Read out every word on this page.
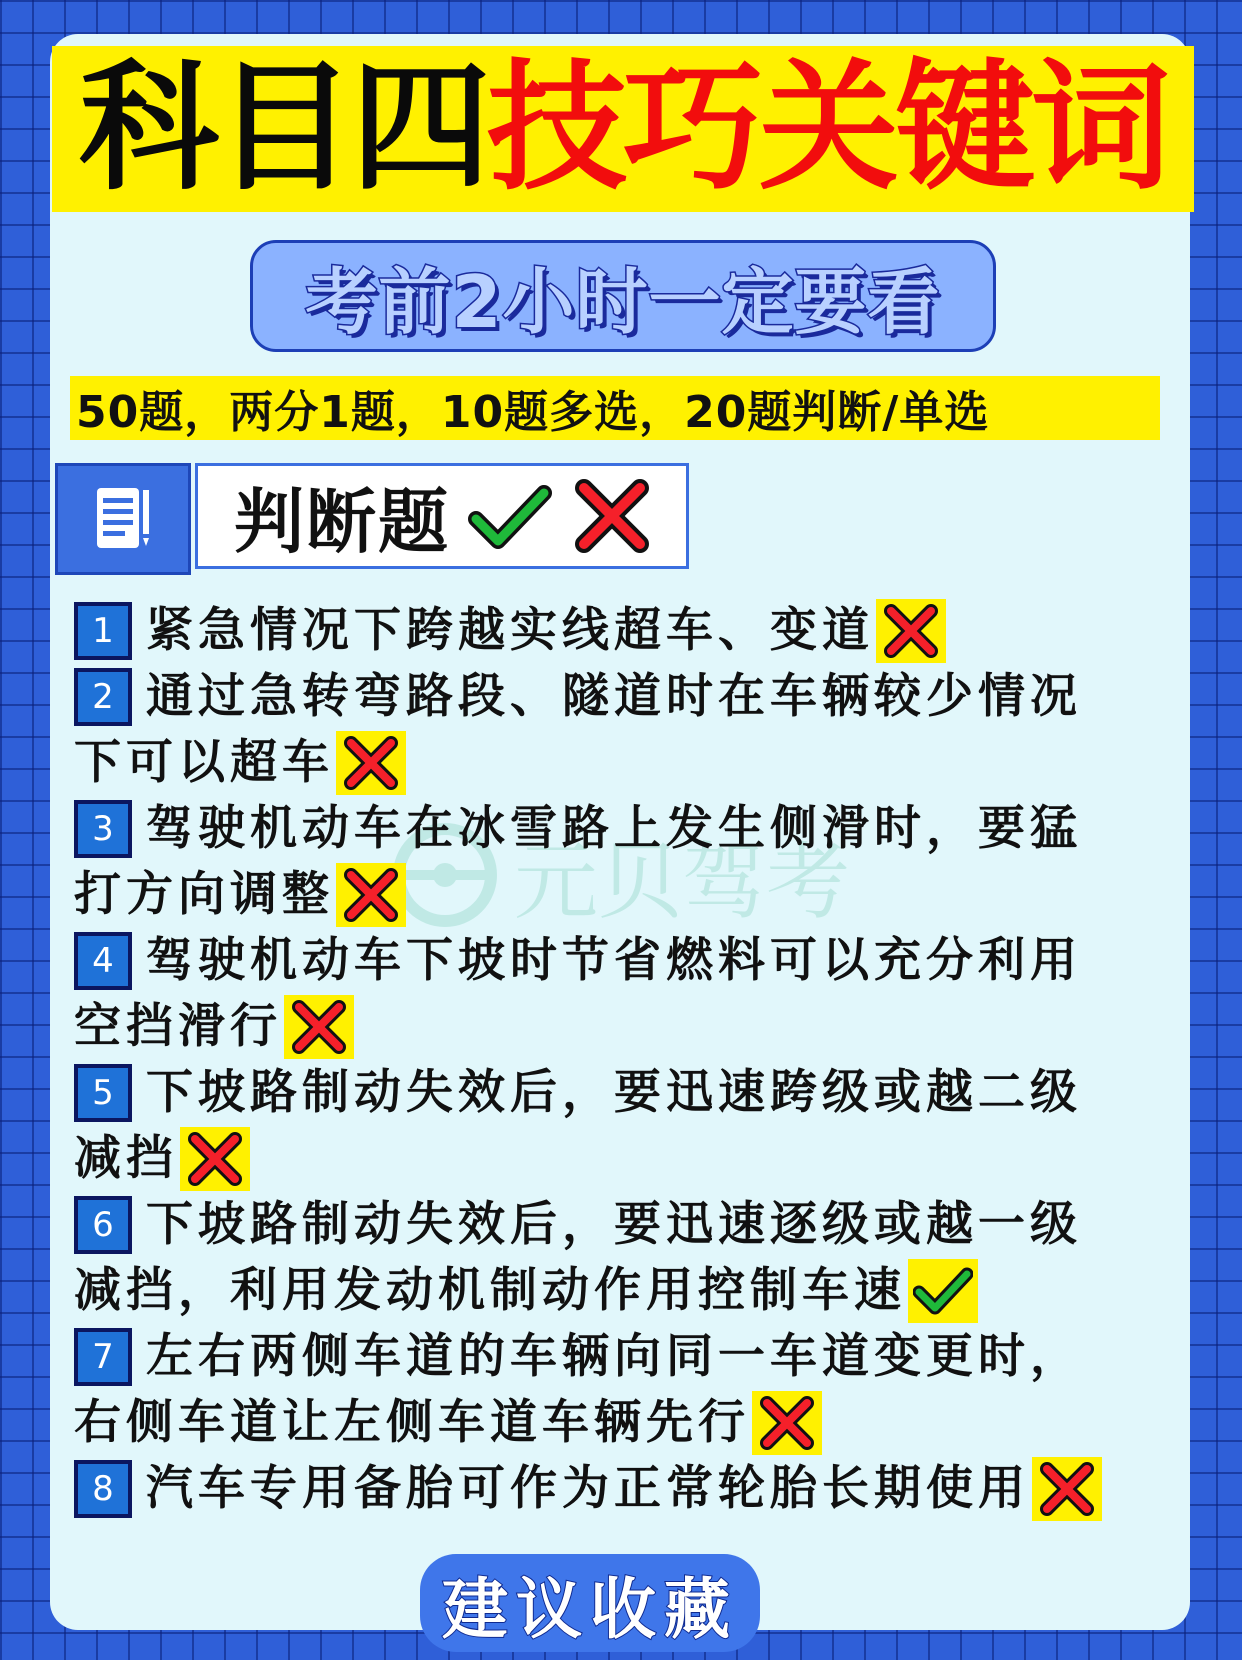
科目四 技巧关键词
考前2小时一定要看
50题，两分1题，10题多选，20题判断/单选
判断题
1 紧急情况下跨越实线超车、变道
2 通过急转弯路段、隧道时在车辆较少情况
下可以超车
3 驾驶机动车在冰雪路上发生侧滑时，要猛
打方向调整
4 驾驶机动车下坡时节省燃料可以充分利用
空挡滑行
5 下坡路制动失效后，要迅速跨级或越二级
减挡
6 下坡路制动失效后，要迅速逐级或越一级
减挡，利用发动机制动作用控制车速
7 左右两侧车道的车辆向同一车道变更时，
右侧车道让左侧车道车辆先行
8 汽车专用备胎可作为正常轮胎长期使用
建议收藏
